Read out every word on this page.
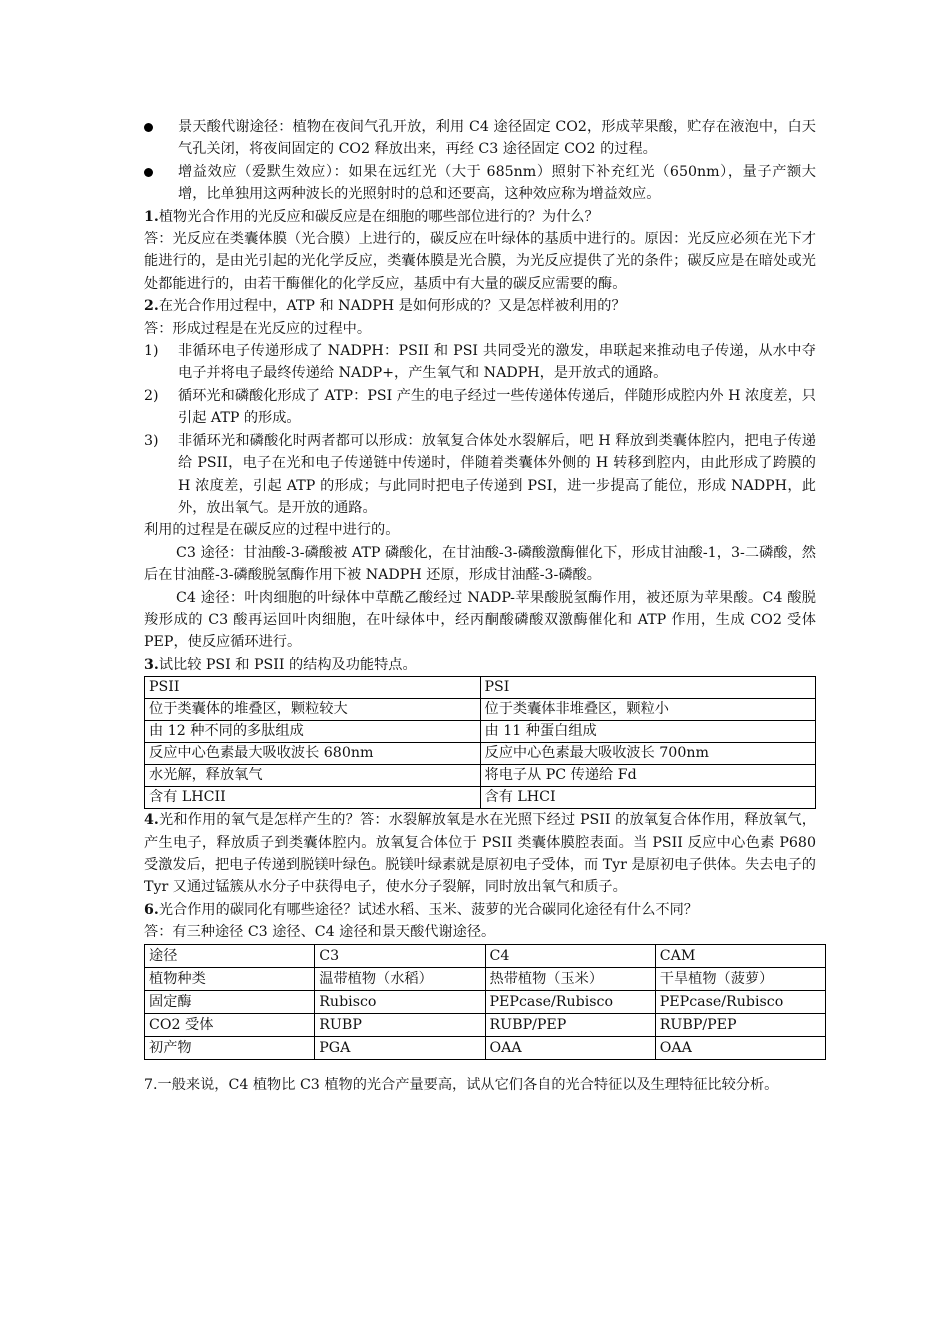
景天酸代谢途径：植物在夜间气孔开放，利用 C4 途径固定 CO2，形成苹果酸，贮存在液泡中，白天气孔关闭，将夜间固定的 CO2 释放出来，再经 C3 途径固定 CO2 的过程。
增益效应（爱默生效应）：如果在远红光（大于 685nm）照射下补充红光（650nm），量子产额大增，比单独用这两种波长的光照射时的总和还要高，这种效应称为增益效应。

1.植物光合作用的光反应和碳反应是在细胞的哪些部位进行的？为什么？

答：光反应在类囊体膜（光合膜）上进行的，碳反应在叶绿体的基质中进行的。原因：光反应必须在光下才能进行的，是由光引起的光化学反应，类囊体膜是光合膜，为光反应提供了光的条件；碳反应是在暗处或光处都能进行的，由若干酶催化的化学反应，基质中有大量的碳反应需要的酶。

2.在光合作用过程中，ATP 和 NADPH 是如何形成的？又是怎样被利用的？

答：形成过程是在光反应的过程中。

1) 非循环电子传递形成了 NADPH：PSII 和 PSI 共同受光的激发，串联起来推动电子传递，从水中夺电子并将电子最终传递给 NADP+，产生氧气和 NADPH，是开放式的通路。
2) 循环光和磷酸化形成了 ATP：PSI 产生的电子经过一些传递体传递后，伴随形成腔内外 H 浓度差，只引起 ATP 的形成。
3) 非循环光和磷酸化时两者都可以形成：放氧复合体处水裂解后，吧 H 释放到类囊体腔内，把电子传递给 PSII，电子在光和电子传递链中传递时，伴随着类囊体外侧的 H 转移到腔内，由此形成了跨膜的 H 浓度差，引起 ATP 的形成；与此同时把电子传递到 PSI，进一步提高了能位，形成 NADPH，此外，放出氧气。是开放的通路。

利用的过程是在碳反应的过程中进行的。

C3 途径：甘油酸-3-磷酸被 ATP 磷酸化，在甘油酸-3-磷酸激酶催化下，形成甘油酸-1，3-二磷酸，然后在甘油醛-3-磷酸脱氢酶作用下被 NADPH 还原，形成甘油醛-3-磷酸。

C4 途径：叶肉细胞的叶绿体中草酰乙酸经过 NADP-苹果酸脱氢酶作用，被还原为苹果酸。C4 酸脱羧形成的 C3 酸再运回叶肉细胞，在叶绿体中，经丙酮酸磷酸双激酶催化和 ATP 作用，生成 CO2 受体 PEP，使反应循环进行。

3.试比较 PSI 和 PSII 的结构及功能特点。

PSII	PSI
位于类囊体的堆叠区，颗粒较大	位于类囊体非堆叠区，颗粒小
由 12 种不同的多肽组成	由 11 种蛋白组成
反应中心色素最大吸收波长 680nm	反应中心色素最大吸收波长 700nm
水光解，释放氧气	将电子从 PC 传递给 Fd
含有 LHCII	含有 LHCI

4.光和作用的氧气是怎样产生的？答：水裂解放氧是水在光照下经过 PSII 的放氧复合体作用，释放氧气，产生电子，释放质子到类囊体腔内。放氧复合体位于 PSII 类囊体膜腔表面。当 PSII 反应中心色素 P680 受激发后，把电子传递到脱镁叶绿色。脱镁叶绿素就是原初电子受体，而 Tyr 是原初电子供体。失去电子的 Tyr 又通过锰簇从水分子中获得电子，使水分子裂解，同时放出氧气和质子。

6.光合作用的碳同化有哪些途径？试述水稻、玉米、菠萝的光合碳同化途径有什么不同？

答：有三种途径 C3 途径、C4 途径和景天酸代谢途径。

途径	C3	C4	CAM
植物种类	温带植物（水稻）	热带植物（玉米）	干旱植物（菠萝）
固定酶	Rubisco	PEPcase/Rubisco	PEPcase/Rubisco
CO2 受体	RUBP	RUBP/PEP	RUBP/PEP
初产物	PGA	OAA	OAA

7.一般来说，C4 植物比 C3 植物的光合产量要高，试从它们各自的光合特征以及生理特征比较分析。
